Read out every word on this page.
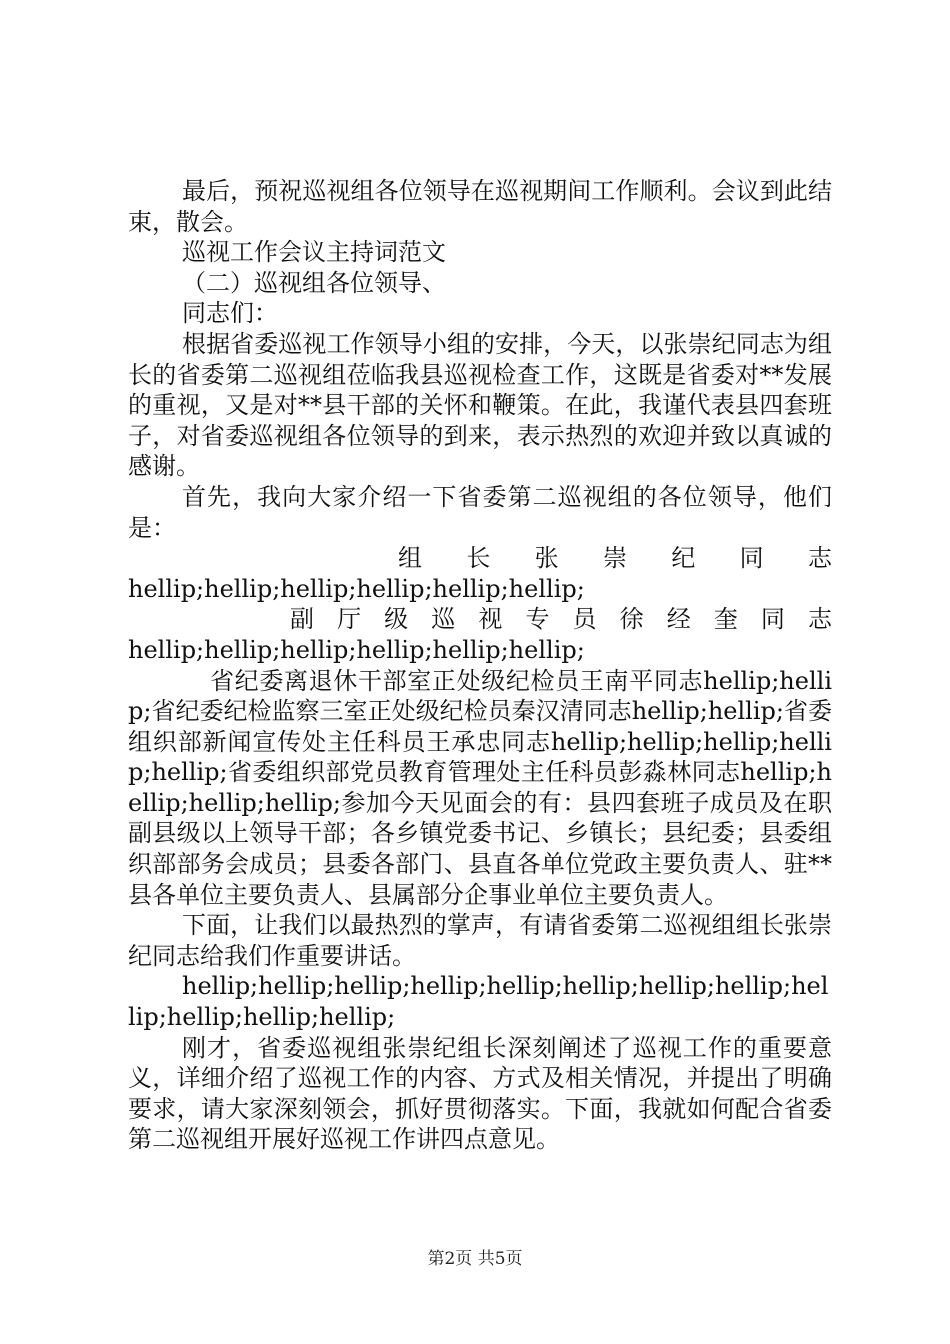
最后，预祝巡视组各位领导在巡视期间工作顺利。会议到此结束，散会。

巡视工作会议主持词范文

（二）巡视组各位领导、

同志们：

根据省委巡视工作领导小组的安排，今天，以张崇纪同志为组长的省委第二巡视组莅临我县巡视检查工作，这既是省委对**发展的重视，又是对**县干部的关怀和鞭策。在此，我谨代表县四套班子，对省委巡视组各位领导的到来，表示热烈的欢迎并致以真诚的感谢。

首先，我向大家介绍一下省委第二巡视组的各位领导，他们是：

组长张崇纪同志

hellip;hellip;hellip;hellip;hellip;hellip;

副厅级巡视专员徐经奎同志

hellip;hellip;hellip;hellip;hellip;hellip;

省纪委离退休干部室正处级纪检员王南平同志hellip;hellip;省纪委纪检监察三室正处级纪检员秦汉清同志hellip;hellip;省委组织部新闻宣传处主任科员王承忠同志hellip;hellip;hellip;hellip;hellip;省委组织部党员教育管理处主任科员彭淼林同志hellip;hellip;hellip;hellip;参加今天见面会的有：县四套班子成员及在职副县级以上领导干部；各乡镇党委书记、乡镇长；县纪委；县委组织部部务会成员；县委各部门、县直各单位党政主要负责人、驻**县各单位主要负责人、县属部分企事业单位主要负责人。

下面，让我们以最热烈的掌声，有请省委第二巡视组组长张崇纪同志给我们作重要讲话。

hellip;hellip;hellip;hellip;hellip;hellip;hellip;hellip;hellip;hellip;hellip;hellip;

刚才，省委巡视组张崇纪组长深刻阐述了巡视工作的重要意义，详细介绍了巡视工作的内容、方式及相关情况，并提出了明确要求，请大家深刻领会，抓好贯彻落实。下面，我就如何配合省委第二巡视组开展好巡视工作讲四点意见。

第2页 共5页
